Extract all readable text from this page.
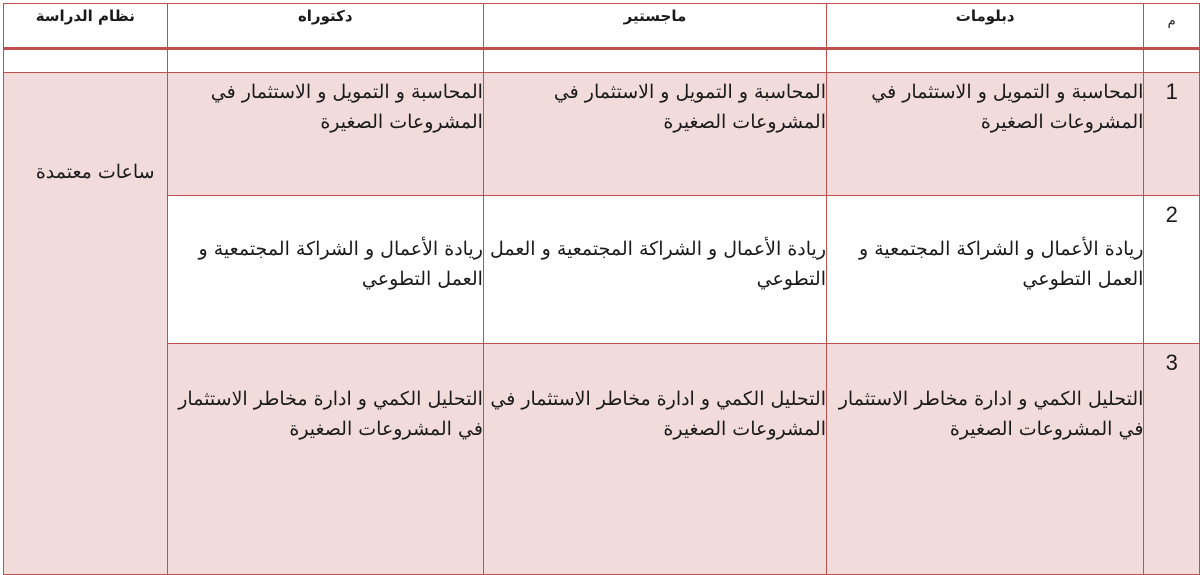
م	دبلومات	ماجستير	دكتوراه	نظام الدراسة

1	المحاسبة و التمويل و الاستثمار في المشروعات الصغيرة	المحاسبة و التمويل و الاستثمار في المشروعات الصغيرة	المحاسبة و التمويل و الاستثمار في المشروعات الصغيرة	ساعات معتمدة

2	ريادة الأعمال و الشراكة المجتمعية و العمل التطوعي	ريادة الأعمال و الشراكة المجتمعية و العمل التطوعي	ريادة الأعمال و الشراكة المجتمعية و العمل التطوعي	
3	التحليل الكمي و ادارة مخاطر الاستثمار في المشروعات الصغيرة	التحليل الكمي و ادارة مخاطر الاستثمار في المشروعات الصغيرة	التحليل الكمي و ادارة مخاطر الاستثمار في المشروعات الصغيرة	
